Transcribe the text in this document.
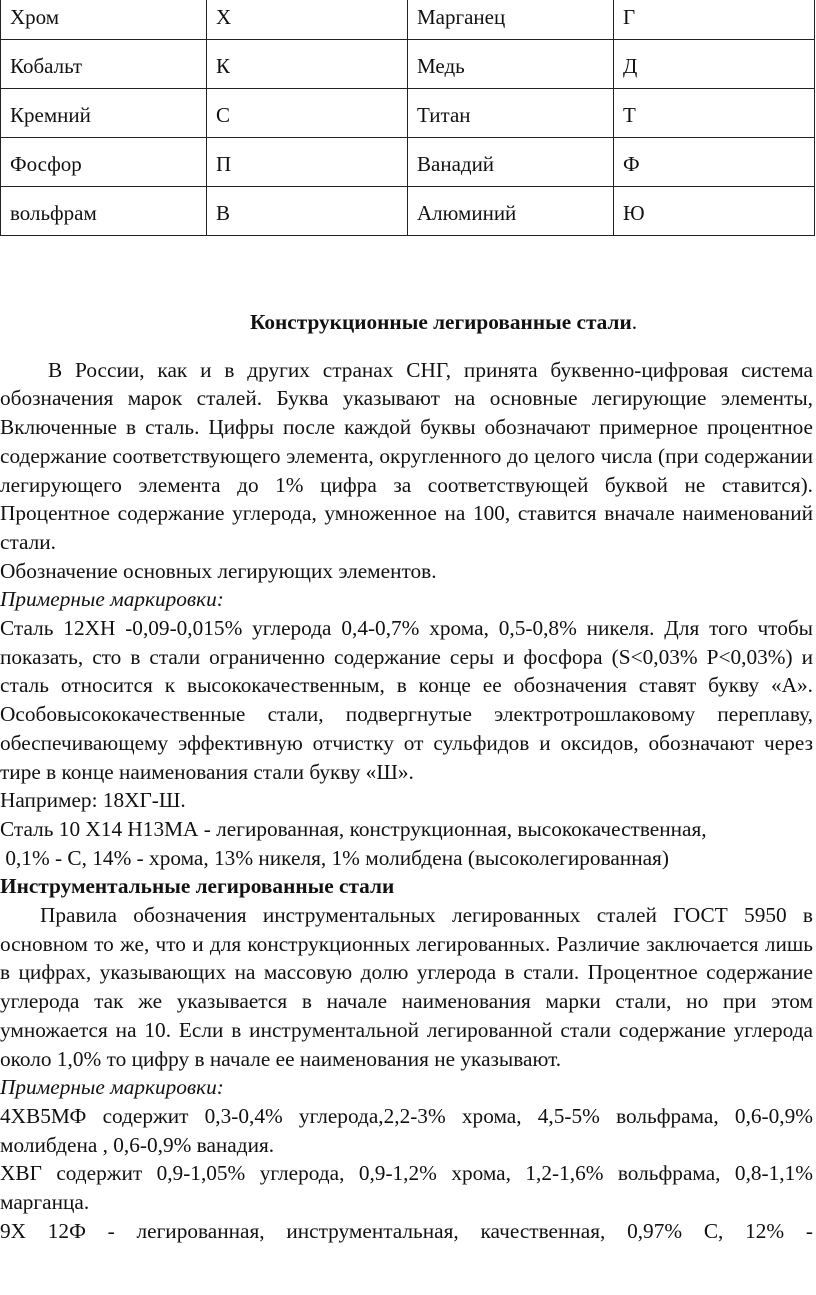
Хром	Х	Марганец	Г
Кобальт	К	Медь	Д
Кремний	С	Титан	Т
Фосфор	П	Ванадий	Ф
вольфрам	В	Алюминий	Ю
Конструкционные легированные стали.

В России, как и в других странах СНГ, принята буквенно-цифровая система обозначения марок сталей. Буква указывают на основные легирующие элементы, Включенные в сталь. Цифры после каждой буквы обозначают примерное процентное содержание соответствующего элемента, округленного до целого числа (при содержании легирующего элемента до 1% цифра за соответствующей буквой не ставится). Процентное содержание углерода, умноженное на 100, ставится вначале наименований стали.

Обозначение основных легирующих элементов.

Примерные маркировки:

Сталь 12ХН -0,09-0,015% углерода 0,4-0,7% хрома, 0,5-0,8% никеля. Для того чтобы показать, сто в стали ограниченно содержание серы и фосфора (S<0,03% P<0,03%) и сталь относится к высококачественным, в конце ее обозначения ставят букву «А». Особовысококачественные стали, подвергнутые электротрошлаковому переплаву, обеспечивающему эффективную отчистку от сульфидов и оксидов, обозначают через тире в конце наименования стали букву «Ш».

Например: 18ХГ-Ш.

Сталь 10 Х14 Н13МА - легированная, конструкционная, высококачественная,

0,1% - С, 14% - хрома, 13% никеля, 1% молибдена (высоколегированная)

Инструментальные легированные стали

Правила обозначения инструментальных легированных сталей ГОСТ 5950 в основном то же, что и для конструкционных легированных. Различие заключается лишь в цифрах, указывающих на массовую долю углерода в стали. Процентное содержание углерода так же указывается в начале наименования марки стали, но при этом умножается на 10. Если в инструментальной легированной стали содержание углерода около 1,0% то цифру в начале ее наименования не указывают.

Примерные маркировки:

4ХВ5МФ содержит 0,3-0,4% углерода,2,2-3% хрома, 4,5-5% вольфрама, 0,6-0,9% молибдена , 0,6-0,9% ванадия.

ХВГ содержит 0,9-1,05% углерода, 0,9-1,2% хрома, 1,2-1,6% вольфрама, 0,8-1,1% марганца.

9Х 12Ф - легированная, инструментальная, качественная, 0,97% С, 12% -
